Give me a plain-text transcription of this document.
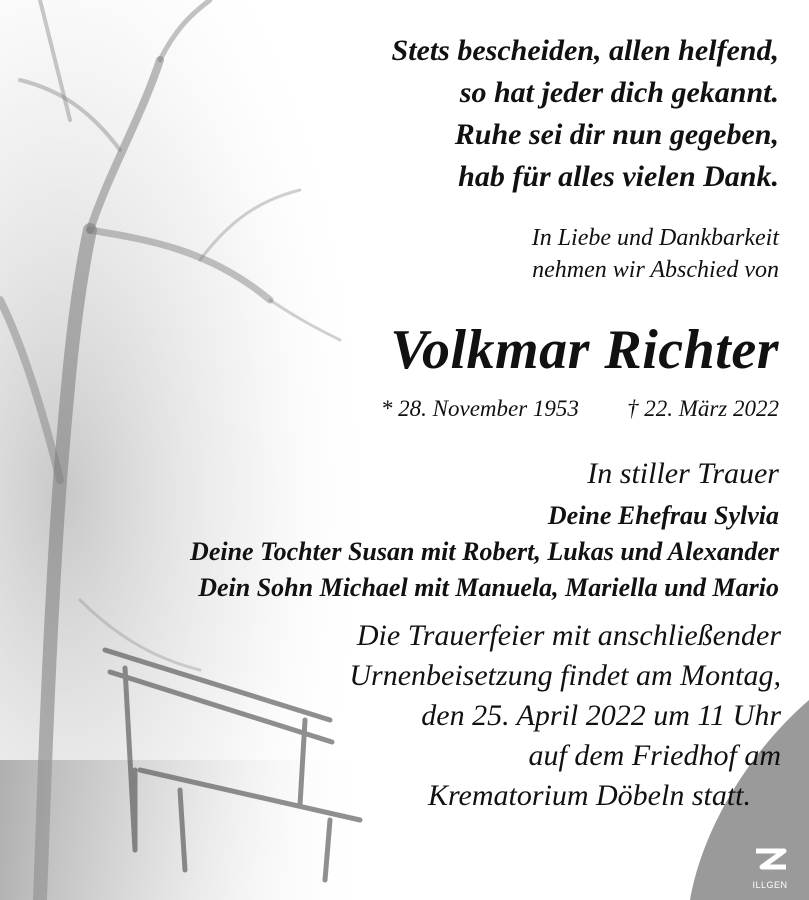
Stets bescheiden, allen helfend,
so hat jeder dich gekannt.
Ruhe sei dir nun gegeben,
hab für alles vielen Dank.
In Liebe und Dankbarkeit
nehmen wir Abschied von
Volkmar Richter
* 28. November 1953 † 22. März 2022
In stiller Trauer
Deine Ehefrau Sylvia
Deine Tochter Susan mit Robert, Lukas und Alexander
Dein Sohn Michael mit Manuela, Mariella und Mario
Die Trauerfeier mit anschließender
Urnenbeisetzung findet am Montag,
den 25. April 2022 um 11 Uhr
auf dem Friedhof am
Krematorium Döbeln statt.
ILLGEN
